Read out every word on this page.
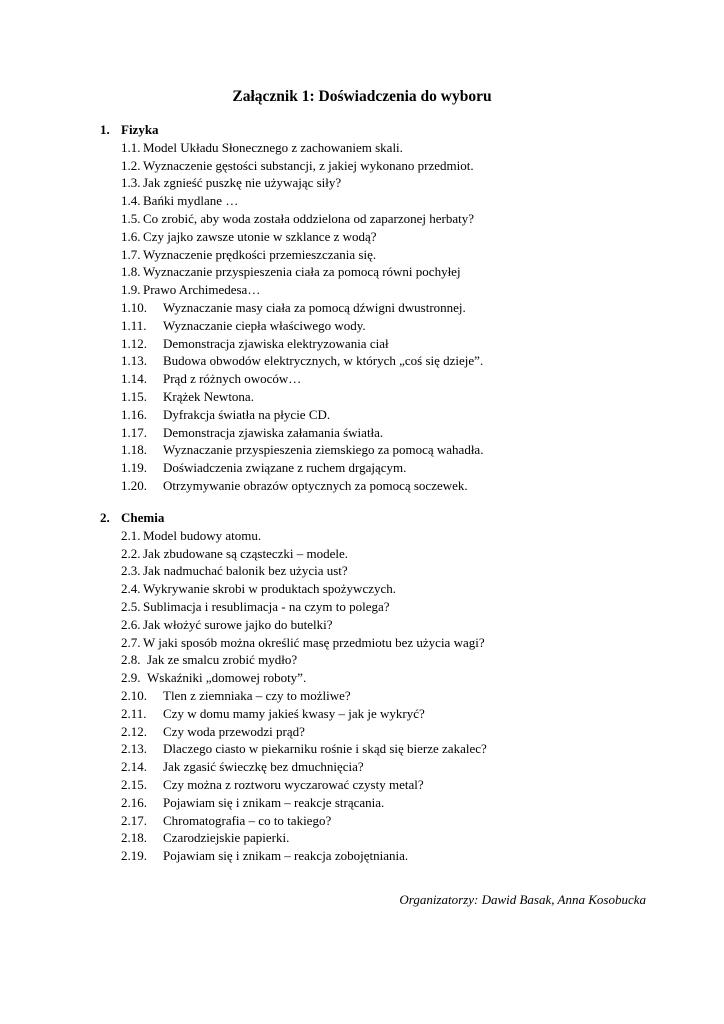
Załącznik 1: Doświadczenia do wyboru
1. Fizyka
1.1. Model Układu Słonecznego z zachowaniem skali.
1.2. Wyznaczenie gęstości substancji, z jakiej wykonano przedmiot.
1.3. Jak zgnieść puszkę nie używając siły?
1.4. Bańki mydlane …
1.5. Co zrobić, aby woda została oddzielona od zaparzonej herbaty?
1.6. Czy jajko zawsze utonie w szklance z wodą?
1.7. Wyznaczenie prędkości przemieszczania się.
1.8. Wyznaczanie przyspieszenia ciała za pomocą równi pochyłej
1.9. Prawo Archimedesa…
1.10. Wyznaczanie masy ciała za pomocą dźwigni dwustronnej.
1.11. Wyznaczanie ciepła właściwego wody.
1.12. Demonstracja zjawiska elektryzowania ciał
1.13. Budowa obwodów elektrycznych, w których „coś się dzieje”.
1.14. Prąd z różnych owoców…
1.15. Krążek Newtona.
1.16. Dyfrakcja światła na płycie CD.
1.17. Demonstracja zjawiska załamania światła.
1.18. Wyznaczanie przyspieszenia ziemskiego za pomocą wahadła.
1.19. Doświadczenia związane z ruchem drgającym.
1.20. Otrzymywanie obrazów optycznych za pomocą soczewek.
2. Chemia
2.1. Model budowy atomu.
2.2. Jak zbudowane są cząsteczki – modele.
2.3. Jak nadmuchać balonik bez użycia ust?
2.4. Wykrywanie skrobi w produktach spożywczych.
2.5. Sublimacja i resublimacja - na czym to polega?
2.6. Jak włożyć surowe jajko do butelki?
2.7. W jaki sposób można określić masę przedmiotu bez użycia wagi?
2.8. Jak ze smalcu zrobić mydło?
2.9. Wskaźniki „domowej roboty”.
2.10. Tlen z ziemniaka – czy to możliwe?
2.11. Czy w domu mamy jakieś kwasy – jak je wykryć?
2.12. Czy woda przewodzi prąd?
2.13. Dlaczego ciasto w piekarniku rośnie i skąd się bierze zakalec?
2.14. Jak zgasić świeczkę bez dmuchnięcia?
2.15. Czy można z roztworu wyczarować czysty metal?
2.16. Pojawiam się i znikam – reakcje strącania.
2.17. Chromatografia – co to takiego?
2.18. Czarodziejskie papierki.
2.19. Pojawiam się i znikam – reakcja zobojętniania.
Organizatorzy: Dawid Basak, Anna Kosobucka
